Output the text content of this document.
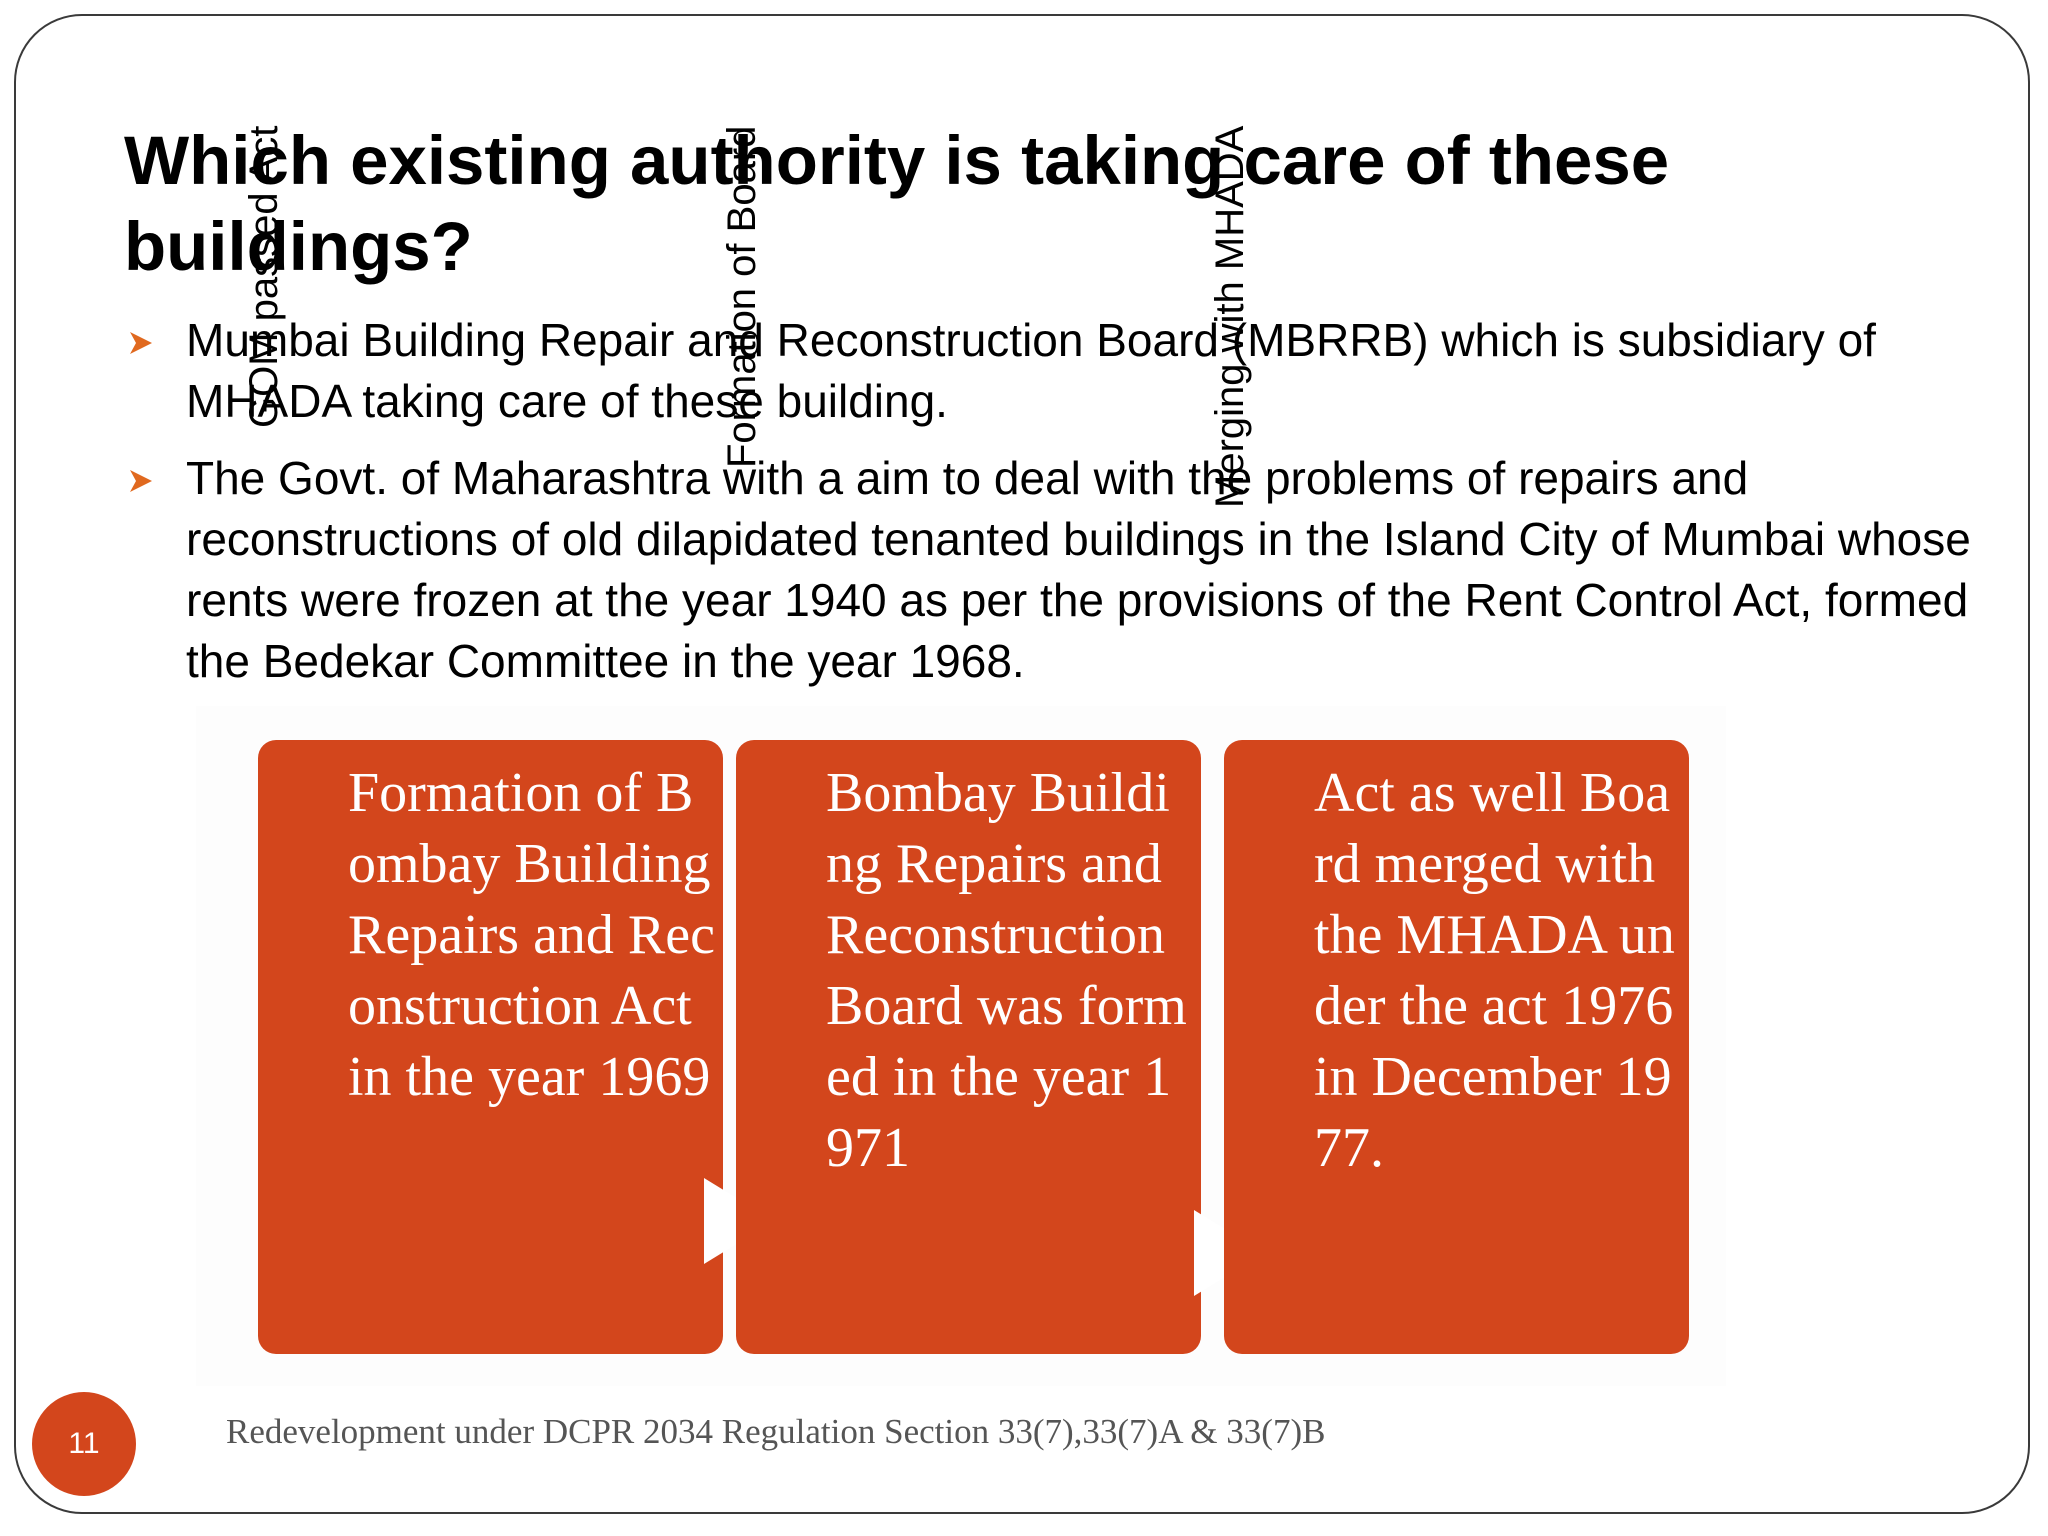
Which existing authority is taking care of these buildings?
Mumbai Building Repair and Reconstruction Board (MBRRB) which is subsidiary of MHADA taking care of these building.
The Govt. of Maharashtra with a aim to deal with the problems of repairs and reconstructions of old dilapidated tenanted buildings in the Island City of Mumbai whose rents were frozen at the year 1940 as per the provisions of the Rent Control Act, formed the Bedekar Committee in the year 1968.
GOM passed Act
Formation of Bombay Building Repairs and Reconstruction Act in the year 1969
Formation of Board
Bombay Building Repairs and Reconstruction Board was formed in the year 1971
Merging with MHADA
Act as well Board merged with the MHADA under the act 1976 in December 1977.
11	Redevelopment under DCPR 2034 Regulation Section 33(7),33(7)A & 33(7)B
